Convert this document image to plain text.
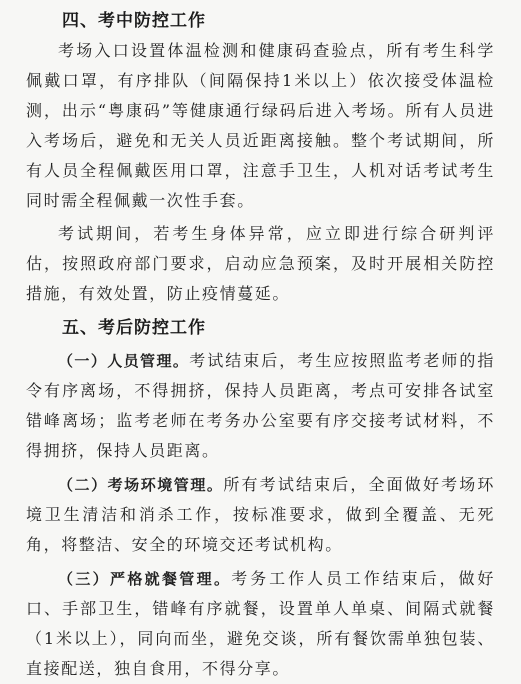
四、考中防控工作

考场入口设置体温检测和健康码查验点，所有考生科学佩戴口罩，有序排队（间隔保持1米以上）依次接受体温检测，出示“粤康码”等健康通行绿码后进入考场。所有人员进入考场后，避免和无关人员近距离接触。整个考试期间，所有人员全程佩戴医用口罩，注意手卫生，人机对话考试考生同时需全程佩戴一次性手套。

考试期间，若考生身体异常，应立即进行综合研判评估，按照政府部门要求，启动应急预案，及时开展相关防控措施，有效处置，防止疫情蔓延。

五、考后防控工作

（一）人员管理。考试结束后，考生应按照监考老师的指令有序离场，不得拥挤，保持人员距离，考点可安排各试室错峰离场；监考老师在考务办公室要有序交接考试材料，不得拥挤，保持人员距离。

（二）考场环境管理。所有考试结束后，全面做好考场环境卫生清洁和消杀工作，按标准要求，做到全覆盖、无死角，将整洁、安全的环境交还考试机构。

（三）严格就餐管理。考务工作人员工作结束后，做好口、手部卫生，错峰有序就餐，设置单人单桌、间隔式就餐（1米以上），同向而坐，避免交谈，所有餐饮需单独包装、直接配送，独自食用，不得分享。
